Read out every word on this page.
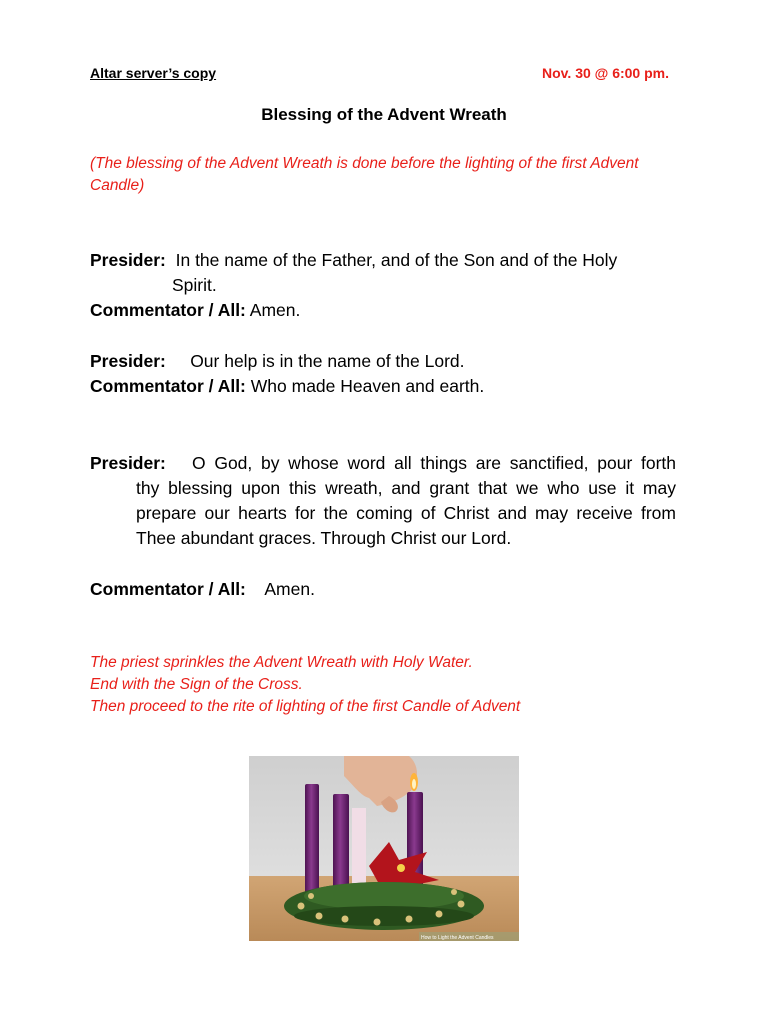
Altar server’s copy	Nov. 30 @ 6:00 pm.
Blessing of the Advent Wreath
(The blessing of the Advent Wreath is done before the lighting of the first Advent Candle)
Presider: In the name of the Father, and of the Son and of the Holy
Spirit.
Commentator / All: Amen.
Presider: Our help is in the name of the Lord.
Commentator / All: Who made Heaven and earth.
Presider: O God, by whose word all things are sanctified, pour forth
thy blessing upon this wreath, and grant that we who use it may prepare our hearts for the coming of Christ and may receive from Thee abundant graces. Through Christ our Lord.
Commentator / All: Amen.
The priest sprinkles the Advent Wreath with Holy Water.
End with the Sign of the Cross.
Then proceed to the rite of lighting of the first Candle of Advent
How to Light the Advent Candles
